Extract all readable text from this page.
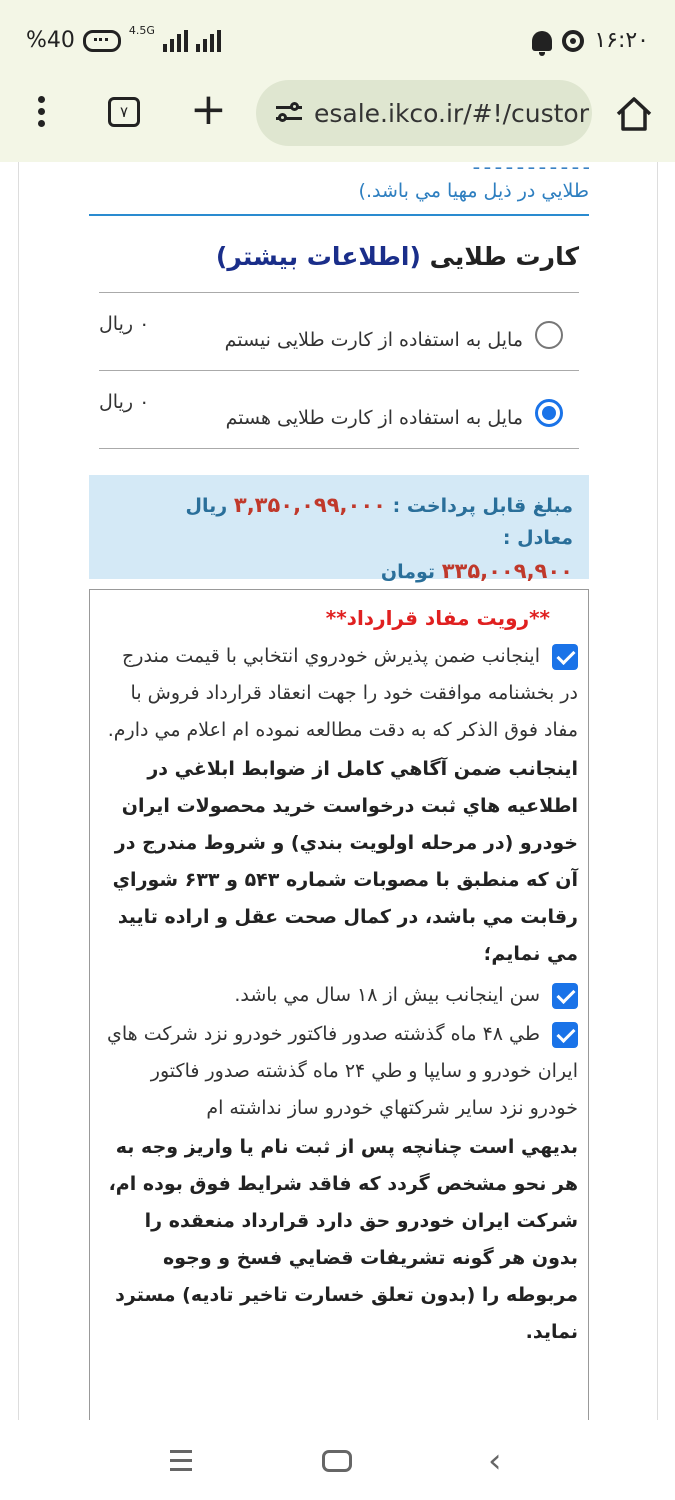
% 40	4.5G	۱۶:۲۰
۷ +	esale.ikco.ir/#!/custor
ـ ـ ـ ـ ـ ـ ـ ـ ـ ـ ـ
طلايي در ذيل مهيا مي باشد.)
کارت طلایی (اطلاعات بیشتر)
مایل به استفاده از کارت طلایی نیستم
۰ ریال
مایل به استفاده از کارت طلایی هستم
۰ ریال
مبلغ قابل پرداخت : ۳,۳۵۰,۰۹۹,۰۰۰ ریال     معادل :
۳۳۵,۰۰۹,۹۰۰ تومان
**رويت مفاد قرارداد**
اينجانب ضمن پذيرش خودروي انتخابي با قيمت مندرج در بخشنامه موافقت خود را جهت انعقاد قرارداد فروش با مفاد فوق الذکر که به دقت مطالعه نموده ام اعلام مي دارم.
اينجانب ضمن آگاهي کامل از ضوابط ابلاغي در اطلاعيه هاي ثبت درخواست خريد محصولات ايران خودرو (در مرحله اولويت بندي) و شروط مندرج در آن که منطبق با مصوبات شماره ۵۴۳ و ۶۳۳ شوراي رقابت مي باشد، در کمال صحت عقل و اراده تاييد مي نمايم؛
سن اينجانب بيش از ۱۸ سال مي باشد.
طي ۴۸ ماه گذشته صدور فاکتور خودرو نزد شرکت هاي ايران خودرو و سايپا و طي ۲۴ ماه گذشته صدور فاکتور خودرو نزد ساير شرکتهاي خودرو ساز نداشته ام
بديهي است چنانچه پس از ثبت نام يا واريز وجه به هر نحو مشخص گردد که فاقد شرايط فوق بوده ام، شرکت ايران خودرو حق دارد قرارداد منعقده را بدون هر گونه تشريفات قضايي فسخ و وجوه مربوطه را (بدون تعلق خسارت تاخير تاديه) مسترد نمايد.
‹
